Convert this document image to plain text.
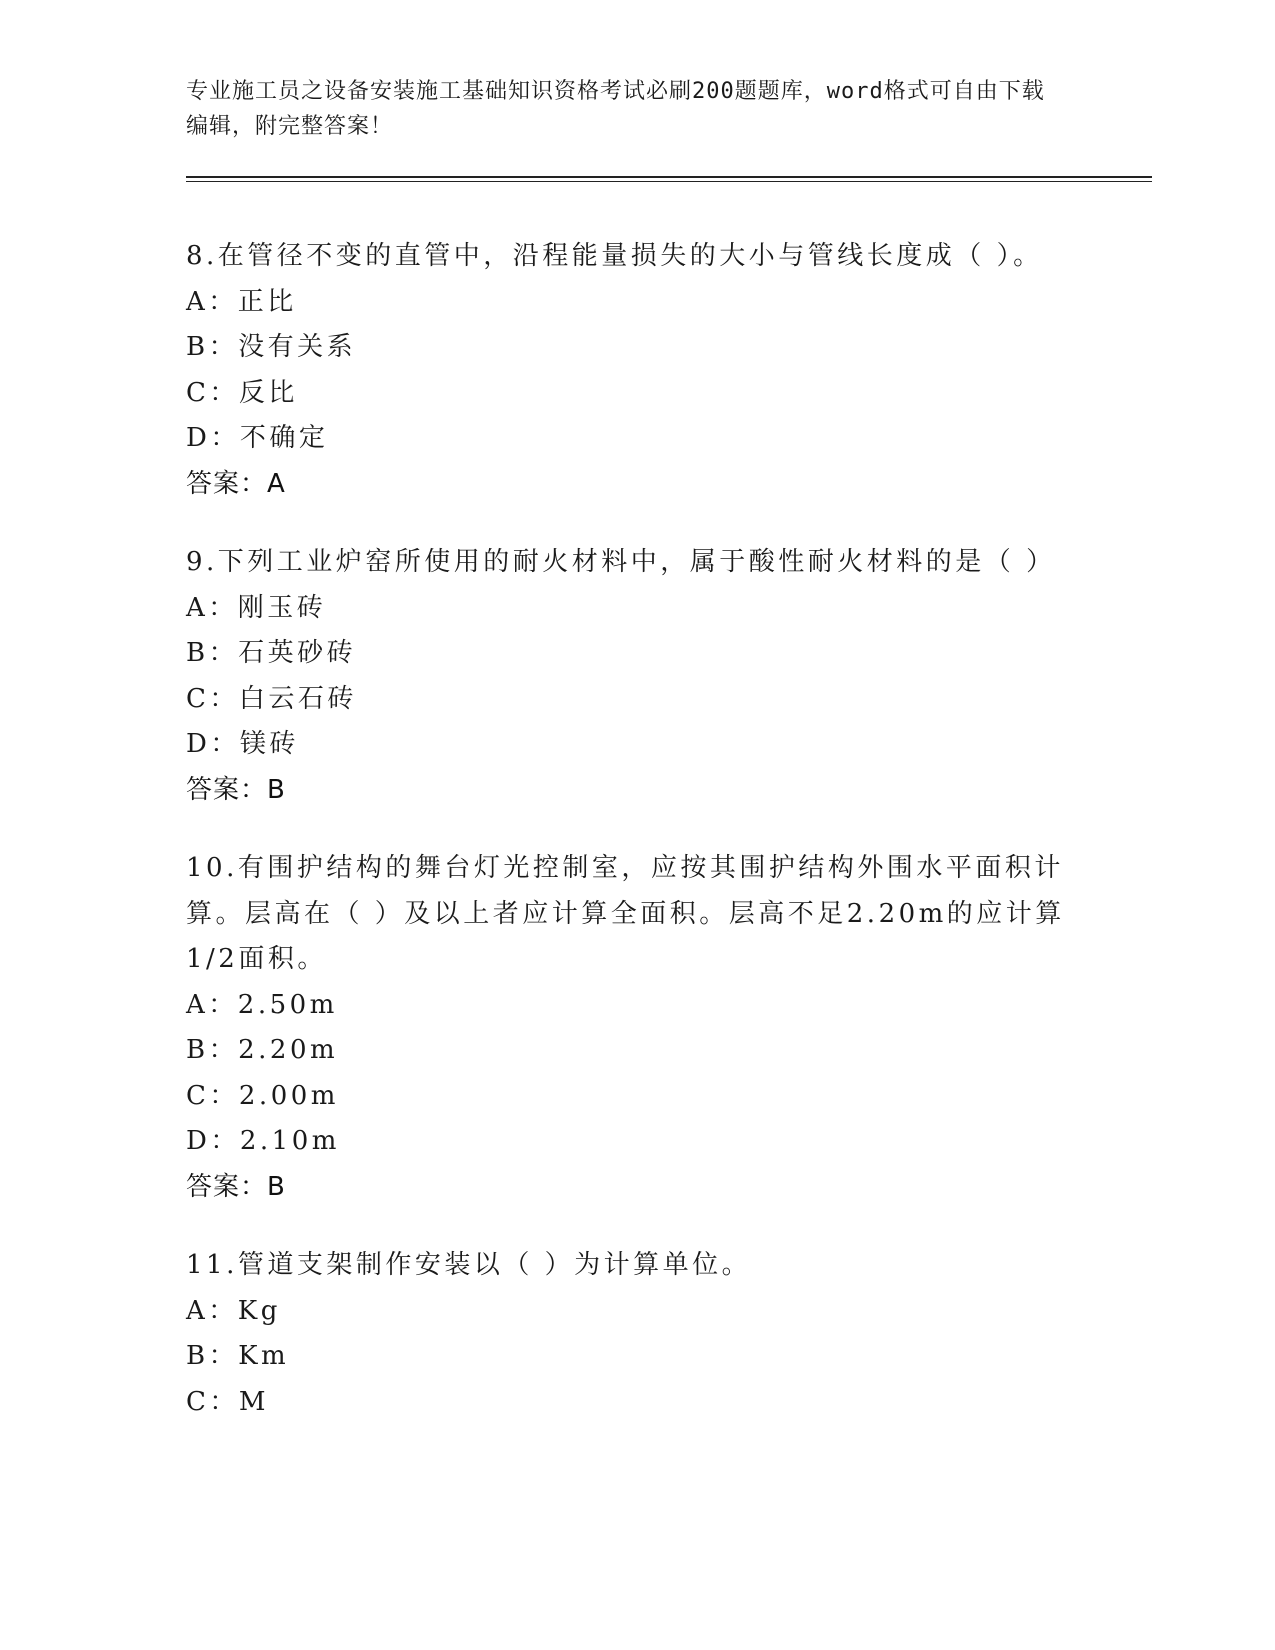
专业施工员之设备安装施工基础知识资格考试必刷200题题库，word格式可自由下载编辑，附完整答案！
8.在管径不变的直管中，沿程能量损失的大小与管线长度成（ ）。
A：正比
B：没有关系
C：反比
D：不确定
答案：A
9.下列工业炉窑所使用的耐火材料中，属于酸性耐火材料的是（ ）
A：刚玉砖
B：石英砂砖
C：白云石砖
D：镁砖
答案：B
10.有围护结构的舞台灯光控制室，应按其围护结构外围水平面积计算。层高在（ ）及以上者应计算全面积。层高不足2.20m的应计算1/2面积。
A：2.50m
B：2.20m
C：2.00m
D：2.10m
答案：B
11.管道支架制作安装以（ ）为计算单位。
A：Kg
B：Km
C：M
